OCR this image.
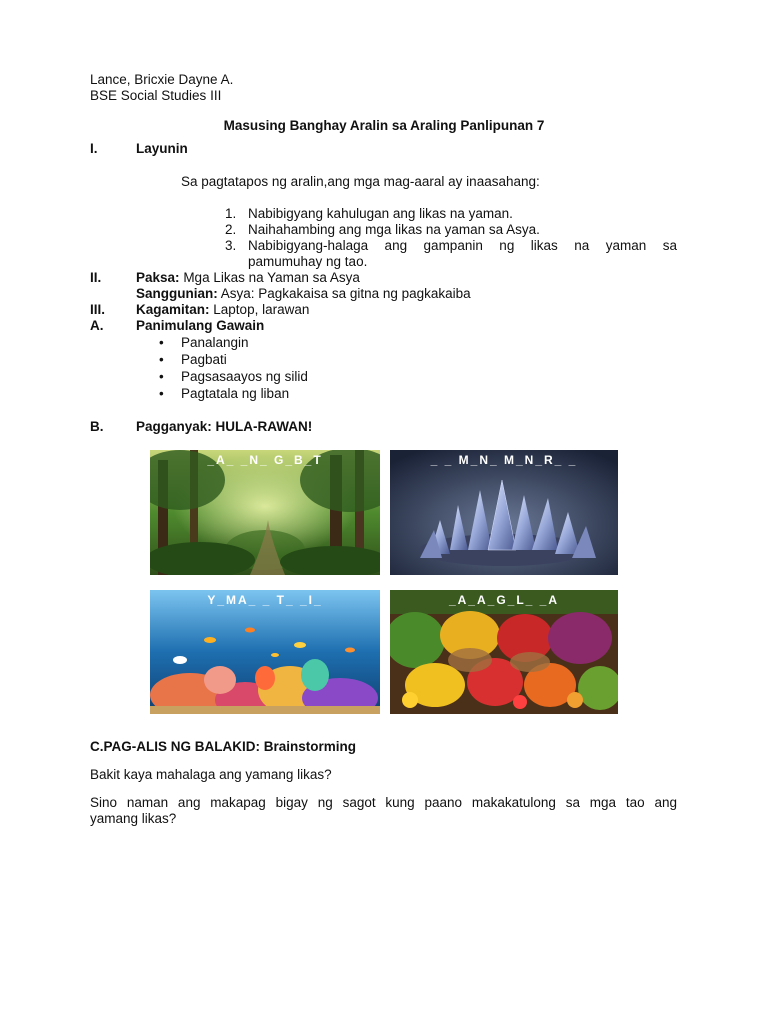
Lance, Bricxie Dayne A.
BSE Social Studies III
Masusing Banghay Aralin sa Araling Panlipunan 7
I.	Layunin
Sa pagtatapos ng aralin,ang mga mag-aaral ay inaasahang:
1. Nabibigyang kahulugan ang likas na yaman.
2. Naihahambing ang mga likas na yaman sa Asya.
3. Nabibigyang-halaga ang gampanin ng likas na yaman sa
pamumuhay ng tao.
II.	Paksa: Mga Likas na Yaman sa Asya
Sanggunian: Asya: Pagkakaisa sa gitna ng pagkakaiba
III. Kagamitan: Laptop, larawan
A. Panimulang Gawain
• Panalangin
• Pagbati
• Pagsasaayos ng silid
• Pagtatala ng liban
B. Pagganyak: HULA-RAWAN!
_A_ _N_ G_B_T	_ _ M_N_ M_N_R_ _
Y_MA_ _ T_ _I_	_A_A_G_L_ _A
C.PAG-ALIS NG BALAKID: Brainstorming
Bakit kaya mahalaga ang yamang likas?
Sino naman ang makapag bigay ng sagot kung paano makakatulong sa mga tao ang
yamang likas?
